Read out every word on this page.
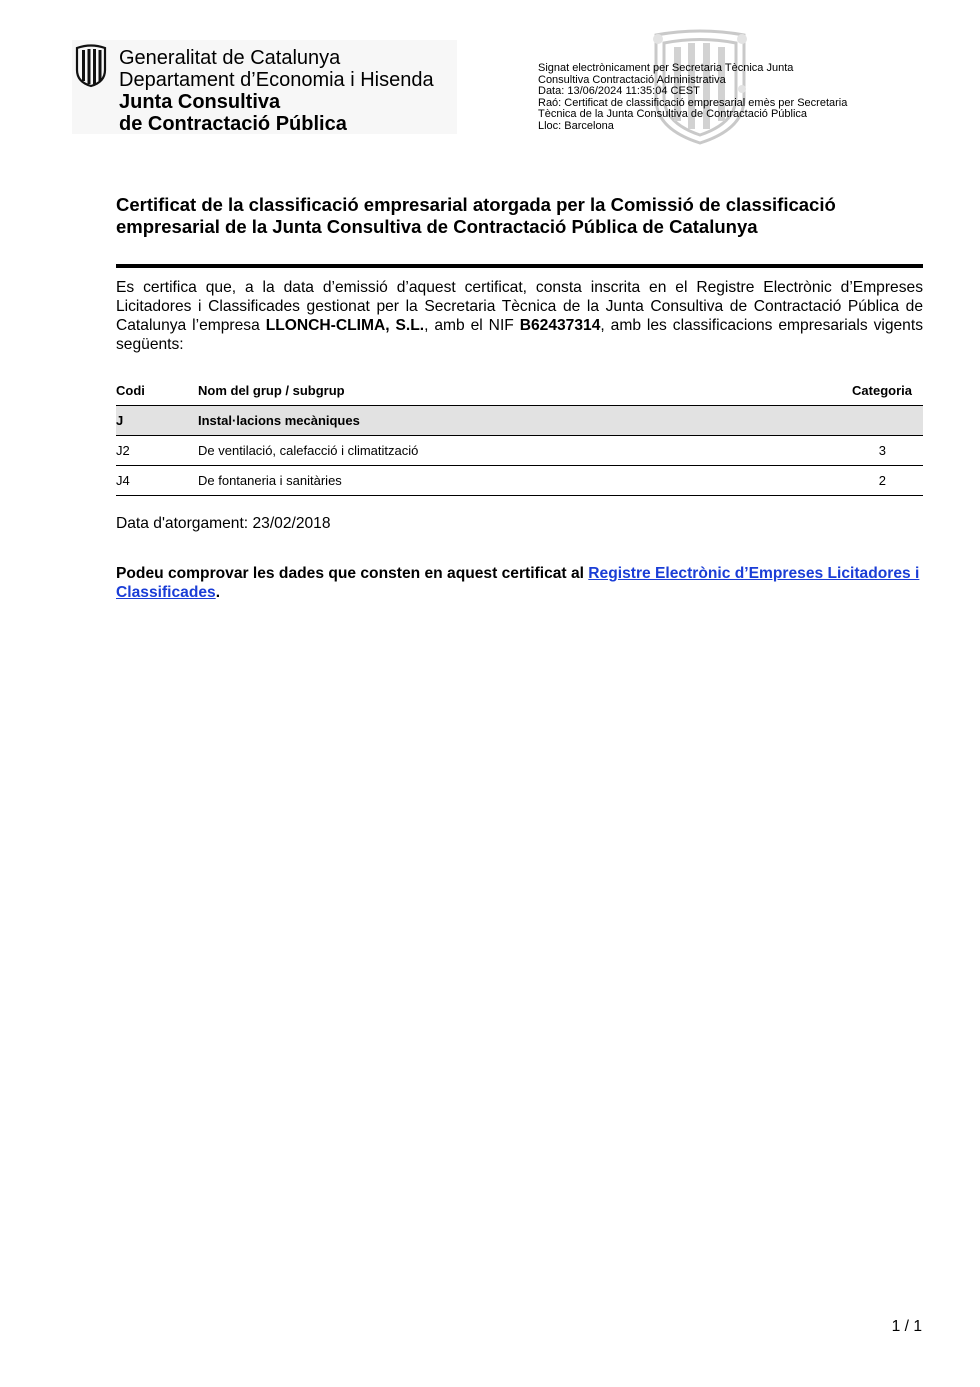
Generalitat de Catalunya
Departament d’Economia i Hisenda
Junta Consultiva
de Contractació Pública
Signat electrònicament per Secretaria Tècnica Junta
Consultiva Contractació Administrativa
Data: 13/06/2024 11:35:04 CEST
Raó: Certificat de classificació empresarial emès per Secretaria
Tècnica de la Junta Consultiva de Contractació Pública
Lloc: Barcelona
Certificat de la classificació empresarial atorgada per la Comissió de classificació empresarial de la Junta Consultiva de Contractació Pública de Catalunya
Es certifica que, a la data d’emissió d’aquest certificat, consta inscrita en el Registre Electrònic d’Empreses Licitadores i Classificades gestionat per la Secretaria Tècnica de la Junta Consultiva de Contractació Pública de Catalunya l’empresa LLONCH-CLIMA, S.L., amb el NIF B62437314, amb les classificacions empresarials vigents següents:
Codi	Nom del grup / subgrup	Categoria
J	Instal·lacions mecàniques
J2	De ventilació, calefacció i climatització	3
J4	De fontaneria i sanitàries	2
Data d'atorgament: 23/02/2018
Podeu comprovar les dades que consten en aquest certificat al Registre Electrònic d’Empreses Licitadores i Classificades.
1 / 1
